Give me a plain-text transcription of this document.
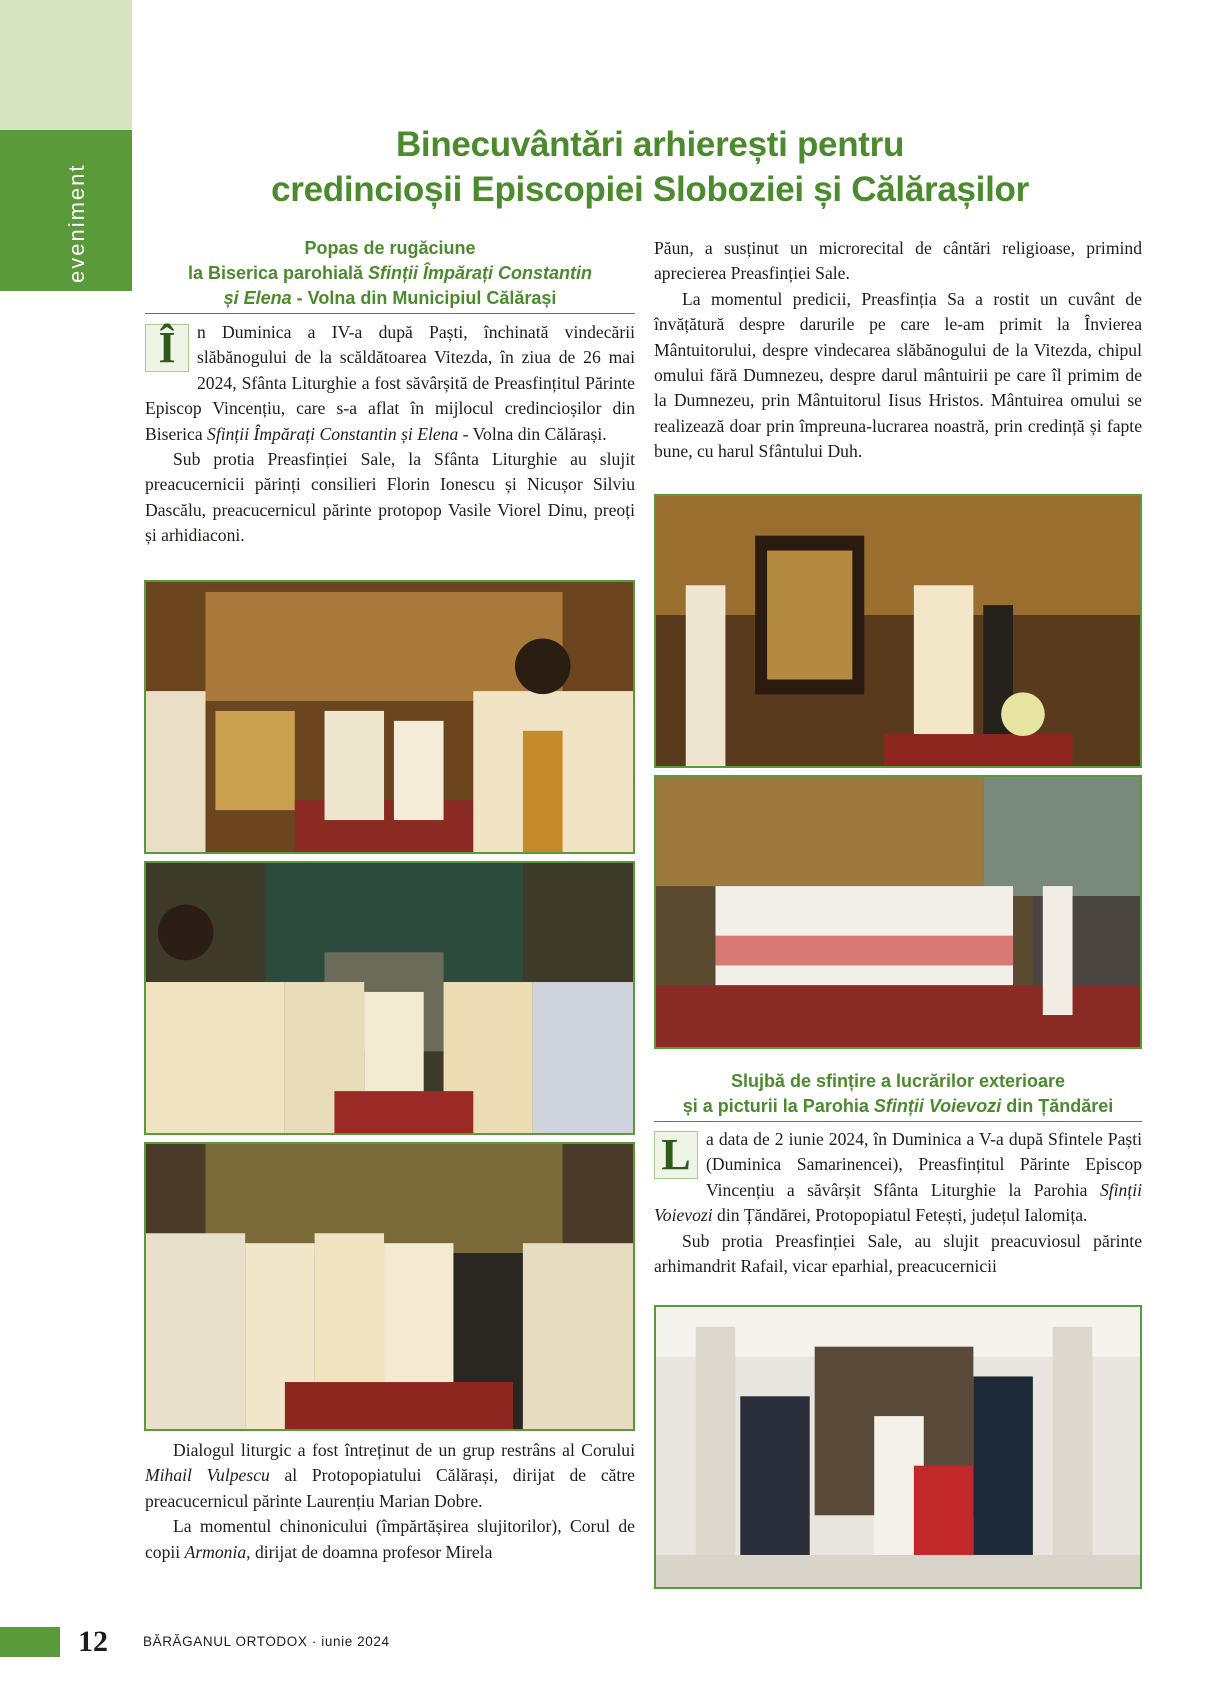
eveniment
Binecuvântări arhierești pentru
credincioșii Episcopiei Sloboziei și Călărașilor
Popas de rugăciune
la Biserica parohială Sfinții Împărați Constantin
și Elena - Volna din Municipiul Călărași

Î	n Duminica a IV-a după Paști, închinată vindecării slăbănogului de la scăldătoarea Vitezda, în ziua de 26 mai 2024, Sfânta Liturghie a fost săvârșită de Preasfințitul Părinte Episcop Vincențiu, care s-a aflat în mijlocul credincioșilor din Biserica Sfinții Împărați Constantin și Elena - Volna din Călărași.

Sub protia Preasfinției Sale, la Sfânta Liturghie au slujit preacucernicii părinți consilieri Florin Ionescu și Nicușor Silviu Dascălu, preacucernicul părinte protopop Vasile Viorel Dinu, preoți și arhidiaconi.

Dialogul liturgic a fost întreținut de un grup restrâns al Corului Mihail Vulpescu al Protopopiatului Călărași, dirijat de către preacucernicul părinte Laurențiu Marian Dobre.

La momentul chinonicului (împărtășirea slujitorilor), Corul de copii Armonia, dirijat de doamna profesor Mirela

Păun, a susținut un microrecital de cântări religioase, primind aprecierea Preasfinției Sale.

La momentul predicii, Preasfinția Sa a rostit un cuvânt de învățătură despre darurile pe care le-am primit la Învierea Mântuitorului, despre vindecarea slăbănogului de la Vitezda, chipul omului fără Dumnezeu, despre darul mântuirii pe care îl primim de la Dumnezeu, prin Mântuitorul Iisus Hristos. Mântuirea omului se realizează doar prin împreuna-lucrarea noastră, prin credință și fapte bune, cu harul Sfântului Duh.

Slujbă de sfințire a lucrărilor exterioare
și a picturii la Parohia Sfinții Voievozi din Țăndărei

L a data de 2 iunie 2024, în Duminica a V-a după Sfintele Paști (Duminica Samarinencei), Preasfințitul Părinte Episcop Vincențiu a săvârșit Sfânta Liturghie la Parohia Sfinții Voievozi din Țăndărei, Protopopiatul Fetești, județul Ialomița.

Sub protia Preasfinției Sale, au slujit preacuviosul părinte arhimandrit Rafail, vicar eparhial, preacucernicii

12	BĂRĂGANUL ORTODOX · iunie 2024
